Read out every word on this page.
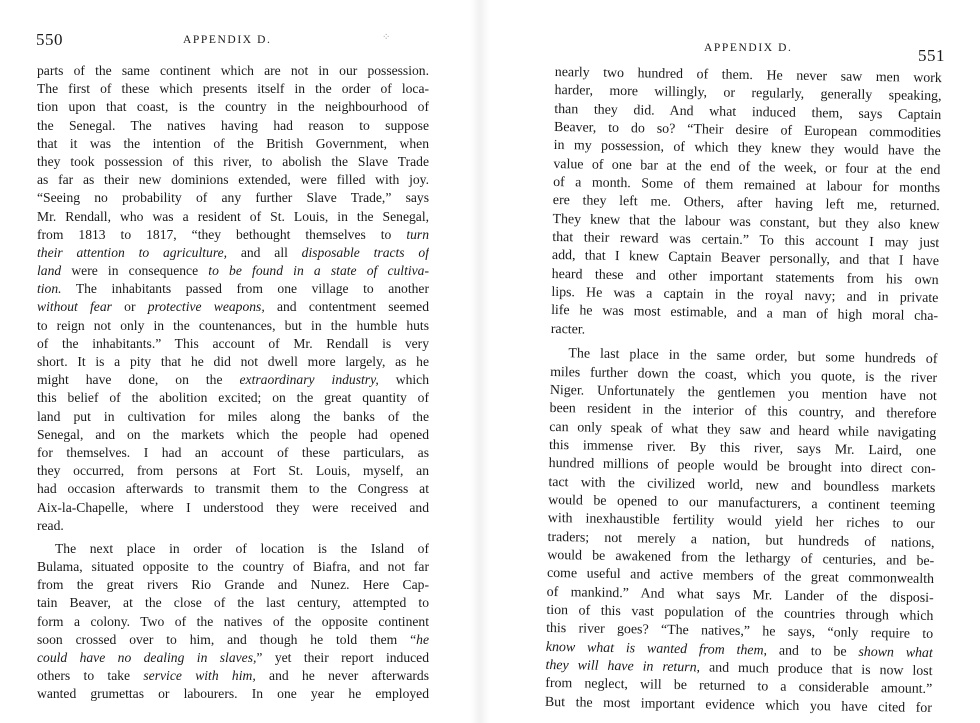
550	APPENDIX D.	⁘
parts of the same continent which are not in our possession.
The first of these which presents itself in the order of loca-
tion upon that coast, is the country in the neighbourhood of
the Senegal. The natives having had reason to suppose
that it was the intention of the British Government, when
they took possession of this river, to abolish the Slave Trade
as far as their new dominions extended, were filled with joy.
“Seeing no probability of any further Slave Trade,” says
Mr. Rendall, who was a resident of St. Louis, in the Senegal,
from 1813 to 1817, “they bethought themselves to turn
their attention to agriculture, and all disposable tracts of
land were in consequence to be found in a state of cultiva-
tion. The inhabitants passed from one village to another
without fear or protective weapons, and contentment seemed
to reign not only in the countenances, but in the humble huts
of the inhabitants.” This account of Mr. Rendall is very
short. It is a pity that he did not dwell more largely, as he
might have done, on the extraordinary industry, which
this belief of the abolition excited; on the great quantity of
land put in cultivation for miles along the banks of the
Senegal, and on the markets which the people had opened
for themselves. I had an account of these particulars, as
they occurred, from persons at Fort St. Louis, myself, an
had occasion afterwards to transmit them to the Congress at
Aix-la-Chapelle, where I understood they were received and
read.
The next place in order of location is the Island of
Bulama, situated opposite to the country of Biafra, and not far
from the great rivers Rio Grande and Nunez. Here Cap-
tain Beaver, at the close of the last century, attempted to
form a colony. Two of the natives of the opposite continent
soon crossed over to him, and though he told them “he
could have no dealing in slaves,” yet their report induced
others to take service with him, and he never afterwards
wanted grumettas or labourers. In one year he employed
APPENDIX D.	551
nearly two hundred of them. He never saw men work
harder, more willingly, or regularly, generally speaking,
than they did. And what induced them, says Captain
Beaver, to do so? “Their desire of European commodities
in my possession, of which they knew they would have the
value of one bar at the end of the week, or four at the end
of a month. Some of them remained at labour for months
ere they left me. Others, after having left me, returned.
They knew that the labour was constant, but they also knew
that their reward was certain.” To this account I may just
add, that I knew Captain Beaver personally, and that I have
heard these and other important statements from his own
lips. He was a captain in the royal navy; and in private
life he was most estimable, and a man of high moral cha-
racter.
The last place in the same order, but some hundreds of
miles further down the coast, which you quote, is the river
Niger. Unfortunately the gentlemen you mention have not
been resident in the interior of this country, and therefore
can only speak of what they saw and heard while navigating
this immense river. By this river, says Mr. Laird, one
hundred millions of people would be brought into direct con-
tact with the civilized world, new and boundless markets
would be opened to our manufacturers, a continent teeming
with inexhaustible fertility would yield her riches to our
traders; not merely a nation, but hundreds of nations,
would be awakened from the lethargy of centuries, and be-
come useful and active members of the great commonwealth
of mankind.” And what says Mr. Lander of the disposi-
tion of this vast population of the countries through which
this river goes? “The natives,” he says, “only require to
know what is wanted from them, and to be shown what
they will have in return, and much produce that is now lost
from neglect, will be returned to a considerable amount.”
But the most important evidence which you have cited for
